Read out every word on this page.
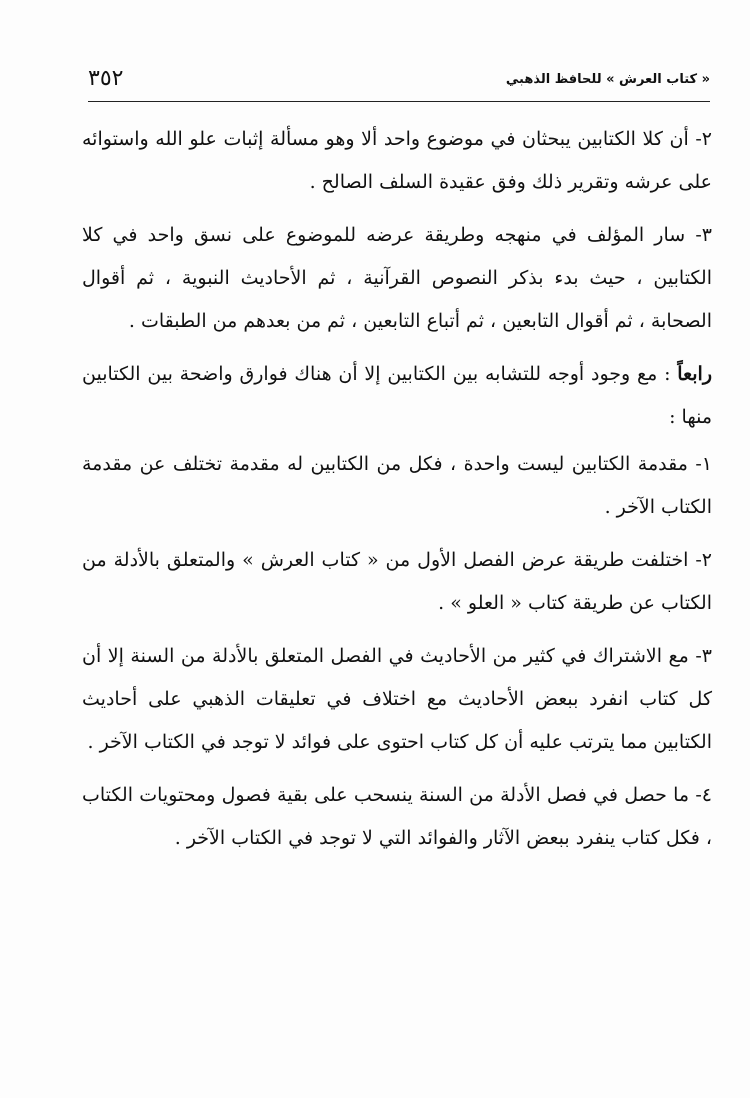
« كتاب العرش » للحافظ الذهبي
٣٥٢

٢- أن كلا الكتابين يبحثان في موضوع واحد ألا وهو مسألة إثبات علو الله واستوائه على عرشه وتقرير ذلك وفق عقيدة السلف الصالح .

٣- سار المؤلف في منهجه وطريقة عرضه للموضوع على نسق واحد في كلا الكتابين ، حيث بدء بذكر النصوص القرآنية ، ثم الأحاديث النبوية ، ثم أقوال الصحابة ، ثم أقوال التابعين ، ثم أتباع التابعين ، ثم من بعدهم من الطبقات .

رابعاً : مع وجود أوجه للتشابه بين الكتابين إلا أن هناك فوارق واضحة بين الكتابين منها :

١- مقدمة الكتابين ليست واحدة ، فكل من الكتابين له مقدمة تختلف عن مقدمة الكتاب الآخر .

٢- اختلفت طريقة عرض الفصل الأول من « كتاب العرش » والمتعلق بالأدلة من الكتاب عن طريقة كتاب « العلو » .

٣- مع الاشتراك في كثير من الأحاديث في الفصل المتعلق بالأدلة من السنة إلا أن كل كتاب انفرد ببعض الأحاديث مع اختلاف في تعليقات الذهبي على أحاديث الكتابين مما يترتب عليه أن كل كتاب احتوى على فوائد لا توجد في الكتاب الآخر .

٤- ما حصل في فصل الأدلة من السنة ينسحب على بقية فصول ومحتويات الكتاب ، فكل كتاب ينفرد ببعض الآثار والفوائد التي لا توجد في الكتاب الآخر .
